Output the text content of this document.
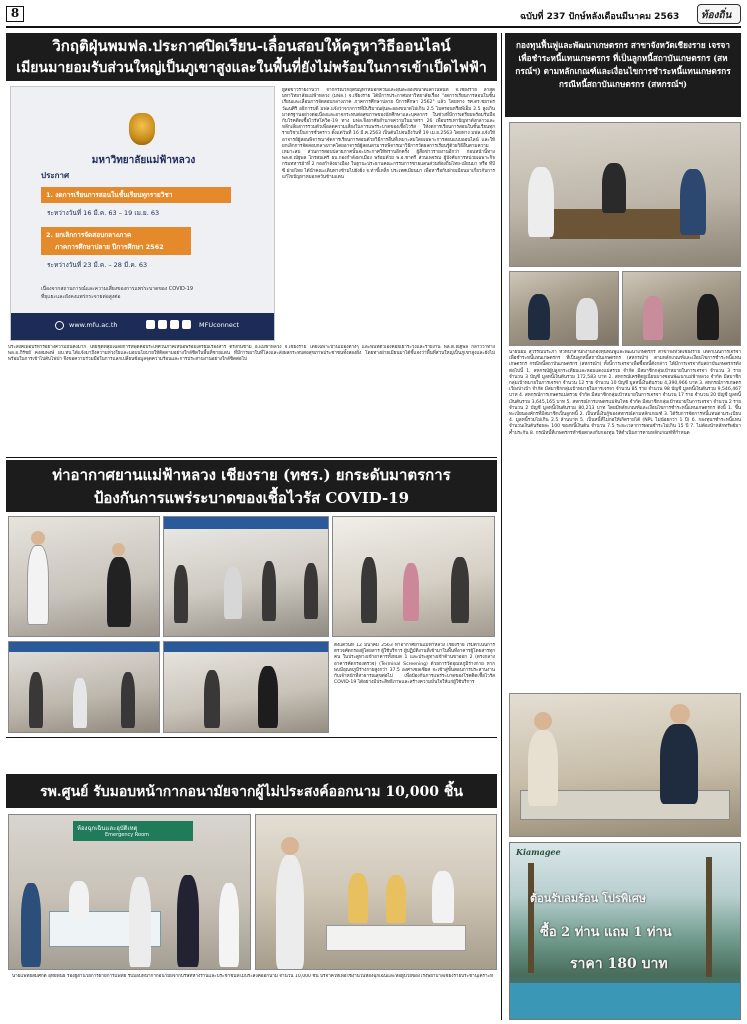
8	ฉบับที่ 237 ปักษ์หลังเดือนมีนาคม 2563 ท้องถิ่น
วิกฤติฝุ่นพมฟล.ประกาศปิดเรียน-เลื่อนสอบให้ครูหาวิธีออนไลน์
เมียนมายอมรับส่วนใหญ่เป็นภูเขาสูงและในพื้นที่ยังไม่พร้อมในการเข้าเป็ดไฟฟ้า
มหาวิทยาลัยแม่ฟ้าหลวง
ประกาศ
1. งดการเรียนการสอนในชั้นเรียนทุกรายวิชา
ระหว่างวันที่ 16 มี.ค. 63 – 19 เม.ย. 63
2. ยกเลิกการจัดสอบกลางภาค
ภาคการศึกษาปลาย ปีการศึกษา 2562
ระหว่างวันที่ 23 มี.ค. – 28 มี.ค. 63
เนื่องจากสถานการณ์และความเสี่ยงของการแพร่ระบาดของ COVID-19
ที่ยุแยะและยังคงแพร่กระจายต่อสูงต่อ
www.mfu.ac.th	MFUconnect
ผู้สื่อข่าวรายงานว่า จากกรณีวิกฤติปัญหาหมอกควันและฝุ่นละอองขนาดเล็กในพื้นที่ จ.เชียงราย ล่าสุดมหาวิทยาลัยแม่ฟ้าหลวง (มฟล.) จ.เชียงราย ได้มีการประกาศมหาวิทยาลัยเรื่อง "งดการเรียนการสอนในชั้นเรียนและเลื่อนการจัดสอบกลางภาค ภาคการศึกษาปลาย ปีการศึกษา 2562" แล้ว โดยทาง รศ.ดร.ชยาพร วัฒนศิริ อธิการบดี มฟล.แจ้งว่าจากการที่มีปริมาณฝุ่นละอองขนาดไม่เกิน 2.5 ไมครอนหรือพีเอ็ม 2.5 สูงเกินมาตรฐานอย่างต่อเนื่องและอาจกระทบต่อสุขภาพของนักศึกษาและบุคลากร ในช่วงที่มีการเตรียมพร้อมรับมือกับโรคติดเชื้อไวรัสโควิด-19 ทาง มฟล.จึงอาศัยอำนาจความในมาตรา 26 เพื่อบรรเทาปัญหาดังกล่าวและหลีกเลี่ยงการรวมตัวเพื่อลดความเสี่ยงในการแพร่ระบาดของเชื้อไวรัส ให้งดการเรียนการสอนในชั้นเรียนทุกรายวิชาเป็นการชั่วคราว ตั้งแต่วันที่ 16 มี.ค.2563 เป็นต้นไปจนถึงวันที่ 19 เม.ย.2563 โดยทาง มฟล.แจ้งให้อาจารย์ผู้สอนพิจารณาจัดการเรียนการสอนด้วยวิธีการอื่นที่เหมาะสมโดยเฉพาะการสอนแบบออนไลน์ และให้ยกเลิกการจัดสอบกลางภาคโดยอาจารย์ผู้สอนสามารถพิจารณาวิธีการวัดผลการเรียนรู้ด้วยวิธีอื่นตามความเหมาะสม ส่วนการสอบปลายภาคนั้นจะประกาศให้ทราบอีกครั้ง ผู้สื่อข่าวรายงานอีกว่า ก่อนหน้านี้ทาง พล.ต.ณัฐพล ไกรสมเศร้ ผบ.กองกำลังผาเมือง พร้อมด้วย พ.อ.ชาตรี ส่วนเพจรณ ผู้บังคับการหน่วยเฉพาะกิจกรมทหารม้าที่ 2 กองกำลังผาเมือง ในฐานะประธานคณะกรรมการชายแดนส่วนท้องถิ่นไทย-เมียนมา หรือ ทีบีซี ฝ่ายไทย ได้นำคณะเดินทางข้ามไปยังฝั่ง จ.ท่าขี้เหล็ก ประเทศเมียนมา เพื่อหารือกับฝ่ายเมียนมาเกี่ยวกับการแก้ไขปัญหาหมอกควันข้ามแดน
ประสงค์เพื่อบริหารอย่างความมั่นคงมาก โดยชุดที่สุ่มเฉลยการที่พุดคือประเทศในภาคเหนือพร้อมเตรียมเรื่องสาร ตรงกันข้าม อ.แม่ฟ้าหลวง จ.เชียงราย โดยเฉพาะบ้านเมืองต่างๆ และพื้นที่ตัวเองคอยเฝ้าระวังและรายงาน พล.ต.ณัฐพล กล่าวว่าทาง พล.อ.ภิรัชย์ คงสมพงษ์ ผบ.ทบ.ได้แจ้งมาถึงความห่วงใยและมอบนโยบายให้ติดตามอย่างใกล้ชิดในพื้นที่ชายแดน ที่มีการเผาในที่โล่งและส่งผลกระทบต่อสุขภาพประชาชนทั้งสองฝั่ง โดยทางฝ่ายเมียนมาได้ชี้แจงว่าพื้นที่ส่วนใหญ่เป็นภูเขาสูงและยังไม่พร้อมในการเข้าไปดับไฟป่า จึงขอความร่วมมือในการแลกเปลี่ยนข้อมูลจุดความร้อนและการประสานงานอย่างใกล้ชิดต่อไป
ท่าอากาศยานแม่ฟ้าหลวง เชียงราย (ทชร.) ยกระดับมาตรการ
ป้องกันการแพร่ระบาดของเชื้อไวรัส COVID-19
ตั้งแต่วันที่ 12 มีนาคม 2563 ท่าอากาศยานแม่ฟ้าหลวง เชียงราย เริ่มดำเนินการตรวจคัดกรองผู้โดยสาร ผู้ใช้บริการ ผู้ปฏิบัติงานที่เข้ามาในพื้นที่อาคารผู้โดยสารทุกคน ในประตูทางเข้าอาคารทั้งหมด 1 และประตูทางเข้าด้านขาออก 2 (ตรงกลางอาคารคัดกรองตรวจ) (Terminal Screening) ด้วยการวัดอุณหภูมิร่างกาย หากพบมีอุณหภูมิร่างกายสูงกว่า 37.5 องศาเซลเซียส จะเข้าสู่ขั้นตอนการประสานงานกับเจ้าหน้าที่สาธารณสุขต่อไป เพื่อป้องกันการแพร่ระบาดของโรคติดเชื้อไวรัส COVID-19 ได้อย่างมีประสิทธิภาพและสร้างความมั่นใจให้แก่ผู้ใช้บริการ
รพ.ศูนย์ รับมอบหน้ากากอนามัยจากผู้ไม่ประสงค์ออกนาม 10,000 ชิ้น
ห้องฉุกเฉินและอุบัติเหตุ
Emergency Room
นายแพทย์สมศักดิ์ อุทัยพันธ์ รองผู้อำนวยการฝ่ายการแพทย์ รับมอบหน้ากากอนามัยจากบริษัทห้างร้านและประชาชนที่ไม่ประสงค์ออกนาม จำนวน 10,000 ชิ้น บริจาคให้เพื่อใช้งานในห้องฉุกเฉินและหอผู้ป่วยของโรงพยาบาลเชียงรายประชานุเคราะห์
กองทุนฟื้นฟูและพัฒนาเกษตรกร สาขาจังหวัดเชียงราย เจรจาเพื่อชำระหนี้แทนเกษตรกร ที่เป็นลูกหนี้สถาบันเกษตรกร (สหกรณ์ฯ) ตามหลักเกณฑ์และเงื่อนไขการชำระหนี้แทนเกษตรกร กรณีหนี้สถาบันเกษตรกร (สหกรณ์ฯ)
นายนิยม สุวรรณประภา หัวหน้าสำนักงานกองทุนฟื้นฟูและพัฒนาเกษตรกร สาขาจังหวัดเชียงราย ได้ดำเนินการเจรจาเพื่อชำระหนี้แทนเกษตรกร ที่เป็นลูกหนี้สถาบันเกษตรกร (สหกรณ์ฯ) ตามหลักเกณฑ์และเงื่อนไขการชำระหนี้แทนเกษตรกร กรณีหนี้สถาบันเกษตรกร (สหกรณ์ฯ) ทั้งนี้การเจรจาเพื่อซื้อหนี้ดังกล่าว ได้มีการเจรจากับสถาบันเกษตรกรดังต่อไปนี้ 1. สหกรณ์ผู้ปลูกกระเทียมและหอมแดงแม่สรวย จำกัด มีสมาชิกกลุ่มเป้าหมายในการเจรจา จำนวน 3 ราย จำนวน 3 บัญชี มูลหนี้เงินต้นรวม 172,583 บาท 2. สหกรณ์เครดิตยูเนี่ยนบางซอนพัฒนาแม่ฟ้าหลวง จำกัด มีสมาชิกกลุ่มเป้าหมายในการเจรจา จำนวน 12 ราย จำนวน 10 บัญชี มูลหนี้เงินต้นรวม 4,390,966 บาท 3. สหกรณ์การเกษตรเวียงป่าเป้า จำกัด มีสมาชิกกลุ่มเป้าหมายในการเจรจา จำนวน 85 ราย จำนวน 98 บัญชี มูลหนี้เงินต้นรวม 9,546,467 บาท 4. สหกรณ์การเกษตรแม่สรวย จำกัด มีสมาชิกกลุ่มเป้าหมายในการเจรจา จำนวน 17 ราย จำนวน 20 บัญชี มูลหนี้เงินต้นรวม 3,645,165 บาท 5. สหกรณ์การเกษตรแม่จันไทย จำกัด มีสมาชิกกลุ่มเป้าหมายในการเจรจา จำนวน 2 ราย จำนวน 2 บัญชี มูลหนี้เงินต้นรวม 80,213 บาท โดยมีหลักเกณฑ์และเงื่อนไขการชำระหนี้แทนเกษตรกร ดังนี้ 1. ขึ้นทะเบียนองค์กรที่มีสมาชิกเป็นลูกหนี้ 2. เป็นหนี้เงินกู้ของสหกรณ์ตามหลักเกณฑ์ 3. ได้รับการจัดการหนี้แทนตามระเบียบ 4. มูลหนี้รวมไม่เกิน 2.5 ล้านบาท 5. เป็นหนี้ที่ไม่ก่อให้เกิดรายได้ (NPL ไม่น้อยกว่า 1 ปี) 6. กองทุนฯชำระหนี้แทน จำนวนเงินต้นร้อยละ 100 ของหนี้เงินต้น จำนวน 7.5 ระยะเวลาการผ่อนชำระไม่เกิน 15 ปี 7. ไม่ต้องนำหลักทรัพย์มาค้ำประกัน 8. กรณีหนี้ที่เกษตรกรทำข้อตกลงกับกองทุน ให้ดำเนินการตามหลักเกณฑ์ที่กำหนด
Kiamagee
ต้อนรับลมร้อน โปรพิเศษ
ซื้อ 2 ท่าน แถม 1 ท่าน
ราคา 180 บาท
